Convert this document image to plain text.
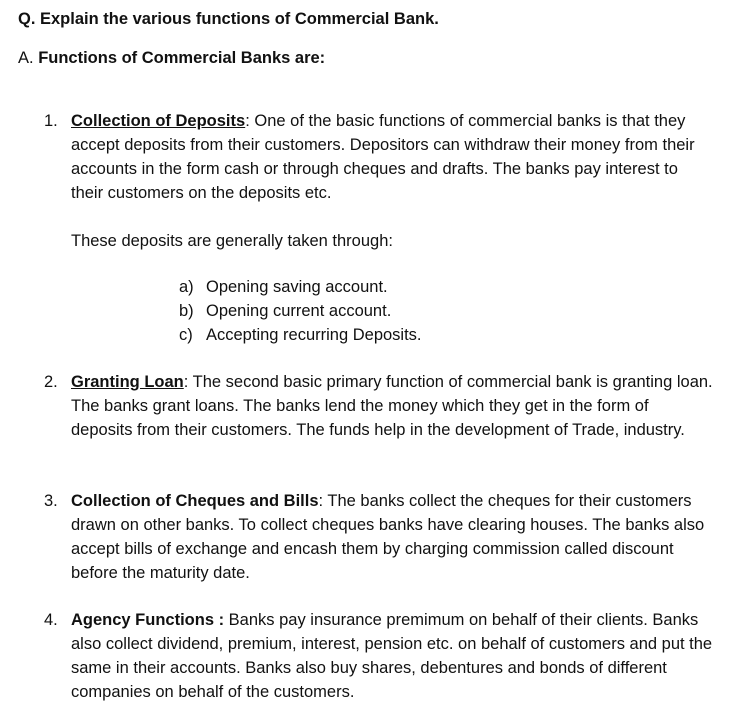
Q. Explain the various functions of Commercial Bank.
A. Functions of Commercial Banks are:
1. Collection of Deposits: One of the basic functions of commercial banks is that they accept deposits from their customers. Depositors can withdraw their money from their accounts in the form cash or through cheques and drafts. The banks pay interest to their customers on the deposits etc.
These deposits are generally taken through:
a) Opening saving account.
b) Opening current account.
c) Accepting recurring Deposits.
2. Granting Loan: The second basic primary function of commercial bank is granting loan. The banks grant loans. The banks lend the money which they get in the form of deposits from their customers. The funds help in the development of Trade, industry.
3. Collection of Cheques and Bills: The banks collect the cheques for their customers drawn on other banks. To collect cheques banks have clearing houses. The banks also accept bills of exchange and encash them by charging commission called discount before the maturity date.
4. Agency Functions : Banks pay insurance premimum on behalf of their clients. Banks also collect dividend, premium, interest, pension etc. on behalf of customers and put the same in their accounts. Banks also buy shares, debentures and bonds of different companies on behalf of the customers.
